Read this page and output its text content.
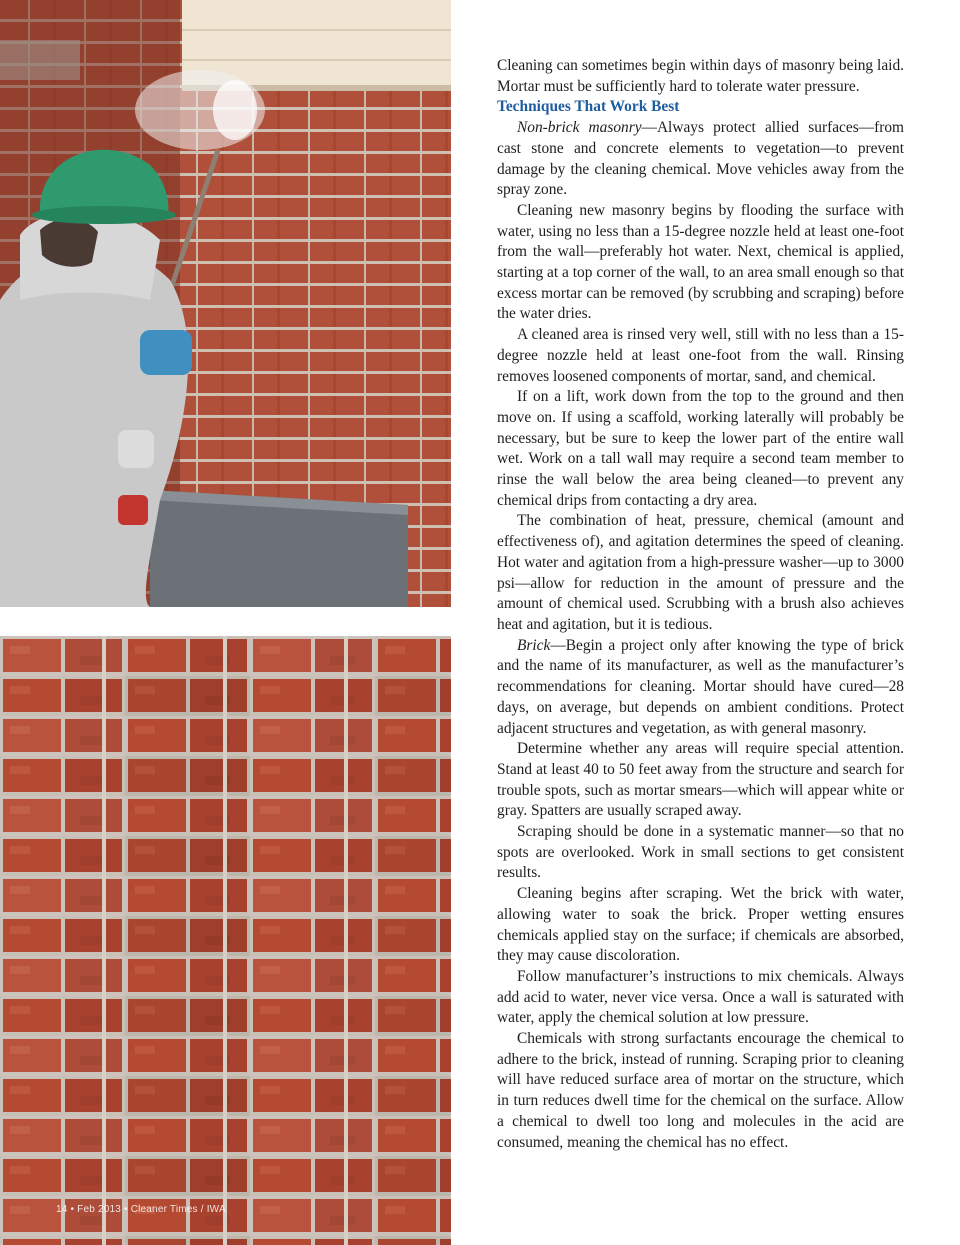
Cleaning can sometimes begin within days of masonry being laid. Mortar must be sufficiently hard to tolerate water pressure.

Techniques That Work Best

Non-brick masonry—Always protect allied surfaces—from cast stone and concrete elements to vegetation—to prevent damage by the cleaning chemical. Move vehicles away from the spray zone.

Cleaning new masonry begins by flooding the surface with water, using no less than a 15-degree nozzle held at least one-foot from the wall—preferably hot water. Next, chemical is applied, starting at a top corner of the wall, to an area small enough so that excess mortar can be removed (by scrubbing and scraping) before the water dries.

A cleaned area is rinsed very well, still with no less than a 15-degree nozzle held at least one-foot from the wall. Rinsing removes loosened components of mortar, sand, and chemical.

If on a lift, work down from the top to the ground and then move on. If using a scaffold, working laterally will probably be necessary, but be sure to keep the lower part of the entire wall wet. Work on a tall wall may require a second team member to rinse the wall below the area being cleaned—to prevent any chemical drips from contacting a dry area.

The combination of heat, pressure, chemical (amount and effectiveness of), and agitation determines the speed of cleaning. Hot water and agitation from a high-pressure washer—up to 3000 psi—allow for reduction in the amount of pressure and the amount of chemical used. Scrubbing with a brush also achieves heat and agitation, but it is tedious.

Brick—Begin a project only after knowing the type of brick and the name of its manufacturer, as well as the manufacturer’s recommendations for cleaning. Mortar should have cured—28 days, on average, but depends on ambient conditions. Protect adjacent structures and vegetation, as with general masonry.

Determine whether any areas will require special attention. Stand at least 40 to 50 feet away from the structure and search for trouble spots, such as mortar smears—which will appear white or gray. Spatters are usually scraped away.

Scraping should be done in a systematic manner—so that no spots are overlooked. Work in small sections to get consistent results.

Cleaning begins after scraping. Wet the brick with water, allowing water to soak the brick. Proper wetting ensures chemicals applied stay on the surface; if chemicals are absorbed, they may cause discoloration.

Follow manufacturer’s instructions to mix chemicals. Always add acid to water, never vice versa. Once a wall is saturated with water, apply the chemical solution at low pressure.

Chemicals with strong surfactants encourage the chemical to adhere to the brick, instead of running. Scraping prior to cleaning will have reduced surface area of mortar on the structure, which in turn reduces dwell time for the chemical on the surface. Allow a chemical to dwell too long and molecules in the acid are consumed, meaning the chemical has no effect.

14 • Feb 2013 • Cleaner Times / IWA
